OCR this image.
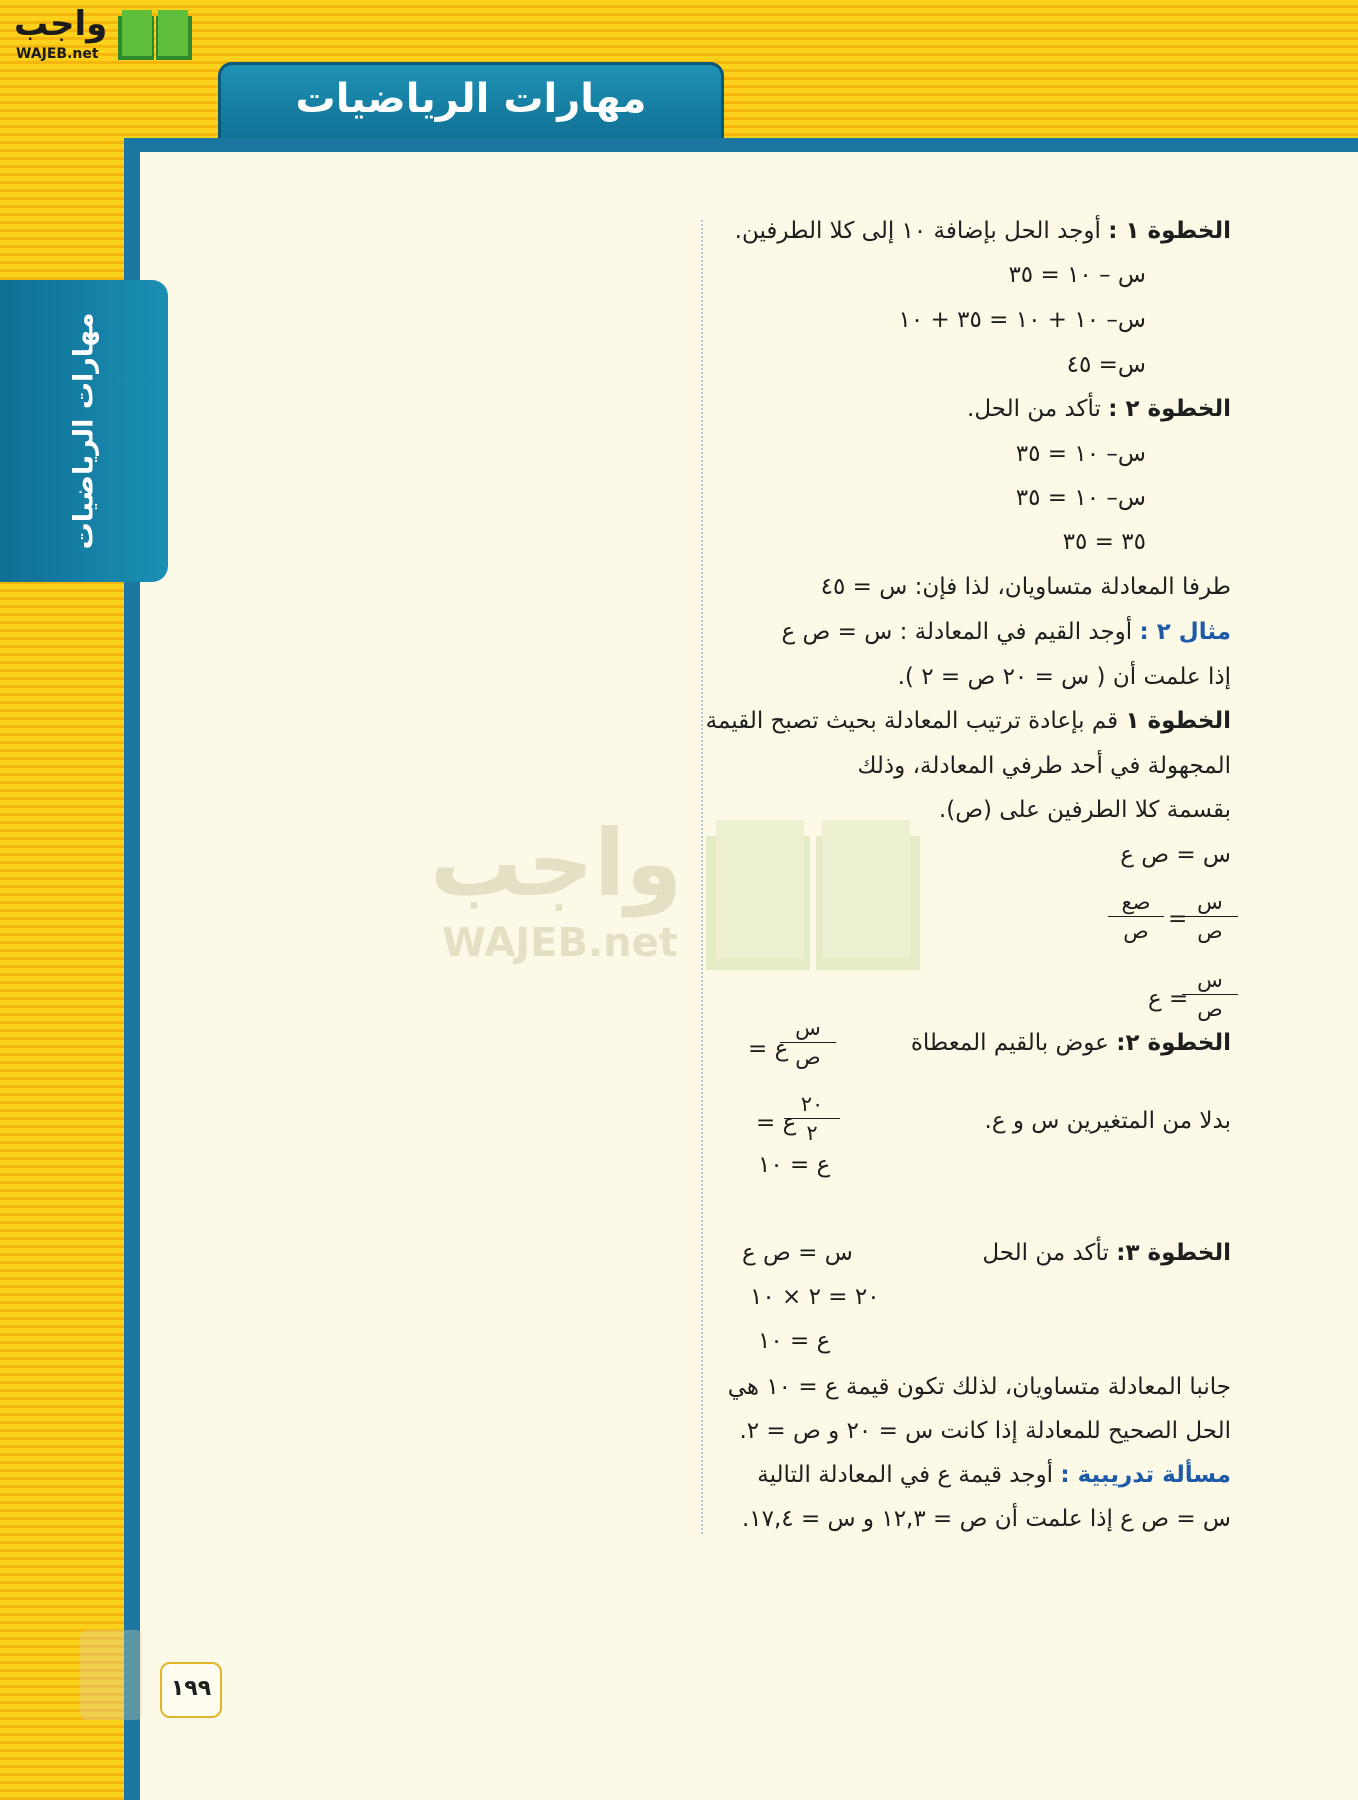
واجب
WAJEB.net
مهارات الرياضيات
مهارات الرياضيات
واجب
WAJEB.net
الخطوة ١ : أوجد الحل بإضافة ١٠ إلى كلا الطرفين.
س – ١٠ = ٣٥
س– ١٠ + ١٠ = ٣٥ + ١٠
س= ٤٥
الخطوة ٢ : تأكد من الحل.
س– ١٠ = ٣٥
س– ١٠ = ٣٥
٣٥ = ٣٥
طرفا المعادلة متساويان، لذا فإن: س = ٤٥
مثال ٢ : أوجد القيم في المعادلة : س = ص ع
إذا علمت أن ( س = ٢٠ ص = ٢ ).
الخطوة ١ قم بإعادة ترتيب المعادلة بحيث تصبح القيمة
المجهولة في أحد طرفي المعادلة، وذلك
بقسمة كلا الطرفين على (ص).
س = ص ع
س
ص
=
صع
ص
س
ص
= ع
الخطوة ٢: عوض بالقيم المعطاة
بدلا من المتغيرين س و ع.
ع =
س
ص
ع =
٢٠
٢
ع = ١٠
الخطوة ٣: تأكد من الحل
س = ص ع
٢٠ = ٢ × ١٠
ع = ١٠
جانبا المعادلة متساويان، لذلك تكون قيمة ع = ١٠ هي
الحل الصحيح للمعادلة إذا كانت س = ٢٠ و ص = ٢.
مسألة تدريبية : أوجد قيمة ع في المعادلة التالية
س = ص ع إذا علمت أن ص = ١٢,٣ و س = ١٧,٤.
١٩٩
